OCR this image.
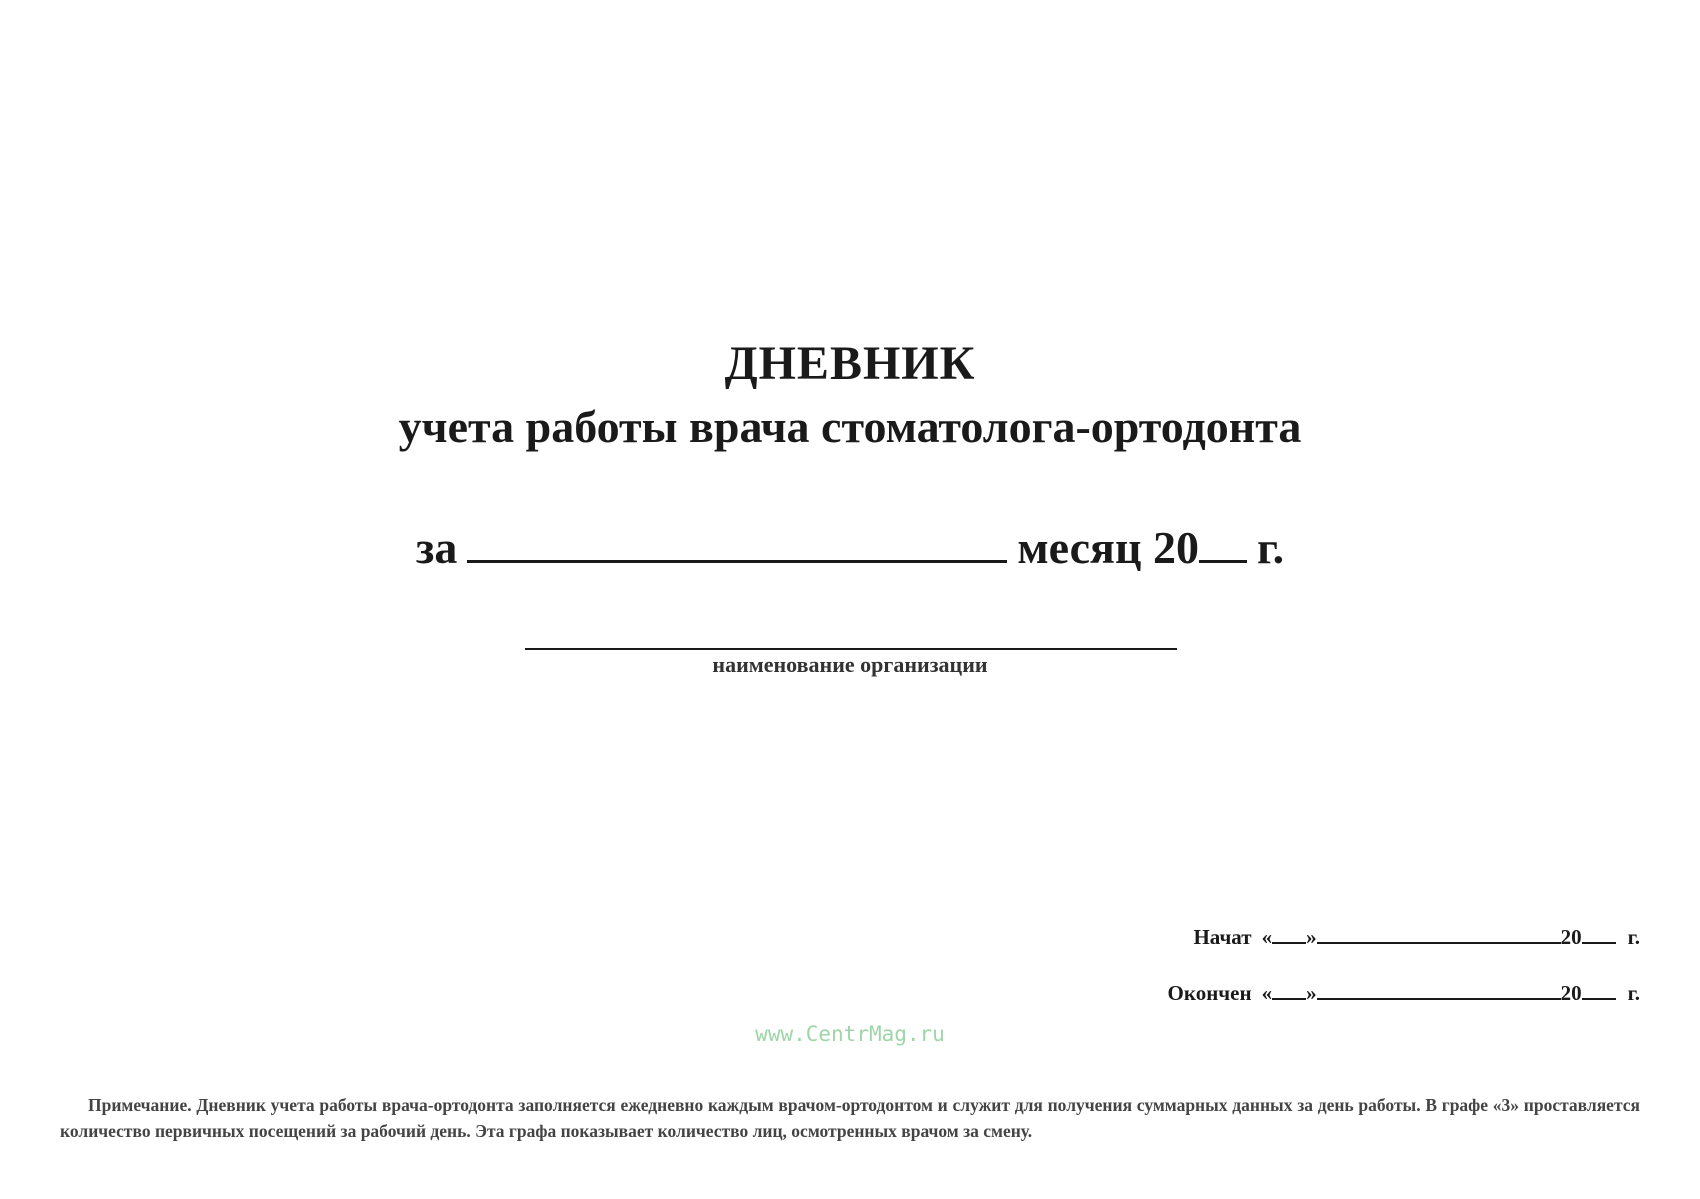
ДНЕВНИК
учета работы врача стоматолога-ортодонта
за	месяц 20 г.
наименование организации
Начат « »	20 г.
Окончен « »	20 г.
www.CentrMag.ru
Примечание. Дневник учета работы врача-ортодонта заполняется ежедневно каждым врачом-ортодонтом и служит для получения суммарных данных за день работы. В графе «3» проставляется количество первичных посещений за рабочий день. Эта графа показывает количество лиц, осмотренных врачом за смену.
